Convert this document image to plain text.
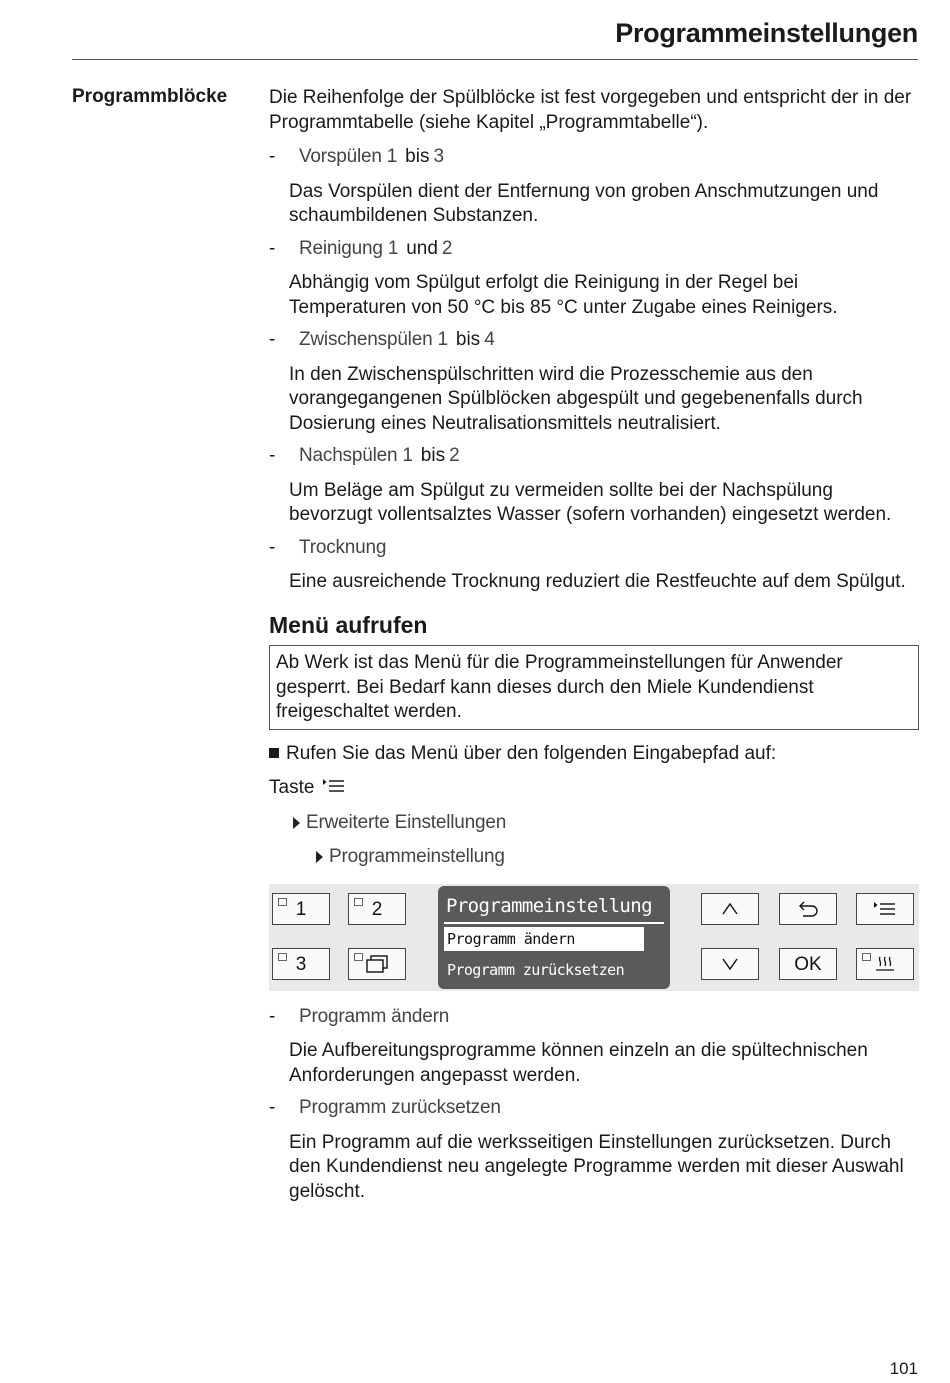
Programmeinstellungen
Programmblöcke Die Reihenfolge der Spülblöcke ist fest vorgegeben und entspricht der in der Programmtabelle (siehe Kapitel „Programmtabelle“).

-	Vorspülen 1 bis 3

Das Vorspülen dient der Entfernung von groben Anschmutzungen und schaumbildenen Substanzen.

-	Reinigung 1 und 2

Abhängig vom Spülgut erfolgt die Reinigung in der Regel bei Temperaturen von 50 °C bis 85 °C unter Zugabe eines Reinigers.

-	Zwischenspülen 1 bis 4

In den Zwischenspülschritten wird die Prozesschemie aus den vorangegangenen Spülblöcken abgespült und gegebenenfalls durch Dosierung eines Neutralisationsmittels neutralisiert.

-	Nachspülen 1 bis 2

Um Beläge am Spülgut zu vermeiden sollte bei der Nachspülung bevorzugt vollentsalztes Wasser (sofern vorhanden) eingesetzt werden.

-	Trocknung

Eine ausreichende Trocknung reduziert die Restfeuchte auf dem Spülgut.

Menü aufrufen
Ab Werk ist das Menü für die Programmeinstellungen für Anwender gesperrt. Bei Bedarf kann dieses durch den Miele Kundendienst freigeschaltet werden.
Rufen Sie das Menü über den folgenden Eingabepfad auf:
Taste
Erweiterte Einstellungen
Programmeinstellung
1	2
3
Programmeinstellung
Programm ändern
Programm zurücksetzen	OK
-	Programm ändern

Die Aufbereitungsprogramme können einzeln an die spültechnischen Anforderungen angepasst werden.

-	Programm zurücksetzen

Ein Programm auf die werksseitigen Einstellungen zurücksetzen. Durch den Kundendienst neu angelegte Programme werden mit dieser Auswahl gelöscht.

101
